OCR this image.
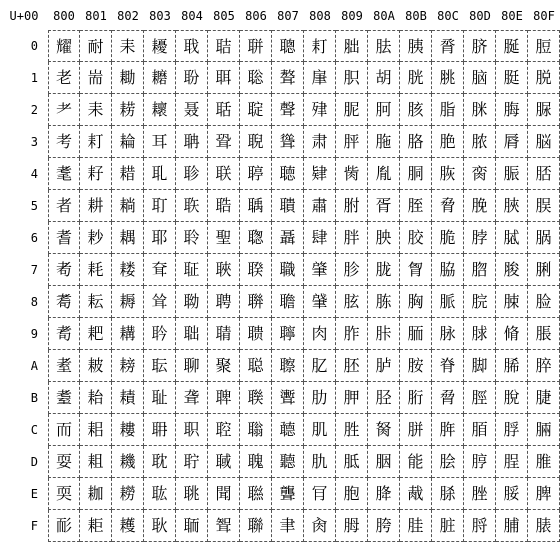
U+00	800 801 802 803 804 805 806 807 808 809 80A 80B 80C 80D 80E 80F
0
1
2
3
4
5
6
7
8
9
A
B
C
D
E
F
耀 耐 耒 耰 聀 聐 聠 聰 耓 胐 胠 胰 脀 脐 脠 脰
老 耑 耡 耱 聁 聑 聡 聱 肁 胑 胡 胱 脁 脑 脡 脱
耂 耒 耢 耲 聂 聒 聢 聲 肂 胒 胢 胲 脂 脒 脢 脲
考 耓 耣 耳 聃 聓 聣 聳 肃 胓 胣 胳 脃 脓 脣 脳
耄 耔 耤 耴 聄 联 聤 聴 肄 胔 胤 胴 脄 脔 脤 脴
者 耕 耥 耵 聅 聕 聥 聵 肅 胕 胥 胵 脅 脕 脥 脵
耆 耖 耦 耶 聆 聖 聦 聶 肆 胖 胦 胶 脆 脖 脦 脶
耇 耗 耧 耷 聇 聗 聧 職 肇 胗 胧 胷 脇 脗 脧 脷
耈 耘 耨 耸 聈 聘 聨 聸 肈 胘 胨 胸 脈 脘 脨 脸
耉 耙 耩 耹 聉 聙 聩 聹 肉 胙 胩 胹 脉 脙 脩 脹
耊 耚 耪 耺 聊 聚 聪 聺 肊 胚 胪 胺 脊 脚 脪 脺
耋 耛 耫 耻 聋 聛 聫 聻 肋 胛 胫 胻 脋 脛 脫 脻
而 耜 耬 耼 职 聜 聬 聼 肌 胜 胬 胼 脌 脜 脬 脼
耍 耝 耭 耽 聍 聝 聭 聽 肍 胝 胭 能 脍 脝 脭 脽
耎 耞 耮 耾 聎 聞 聮 聾 肎 胞 胮 胾 脎 脞 脮 脾
耏 耟 耯 耿 聏 聟 聯 聿 肏 胟 胯 胿 脏 脟 脯 脿
